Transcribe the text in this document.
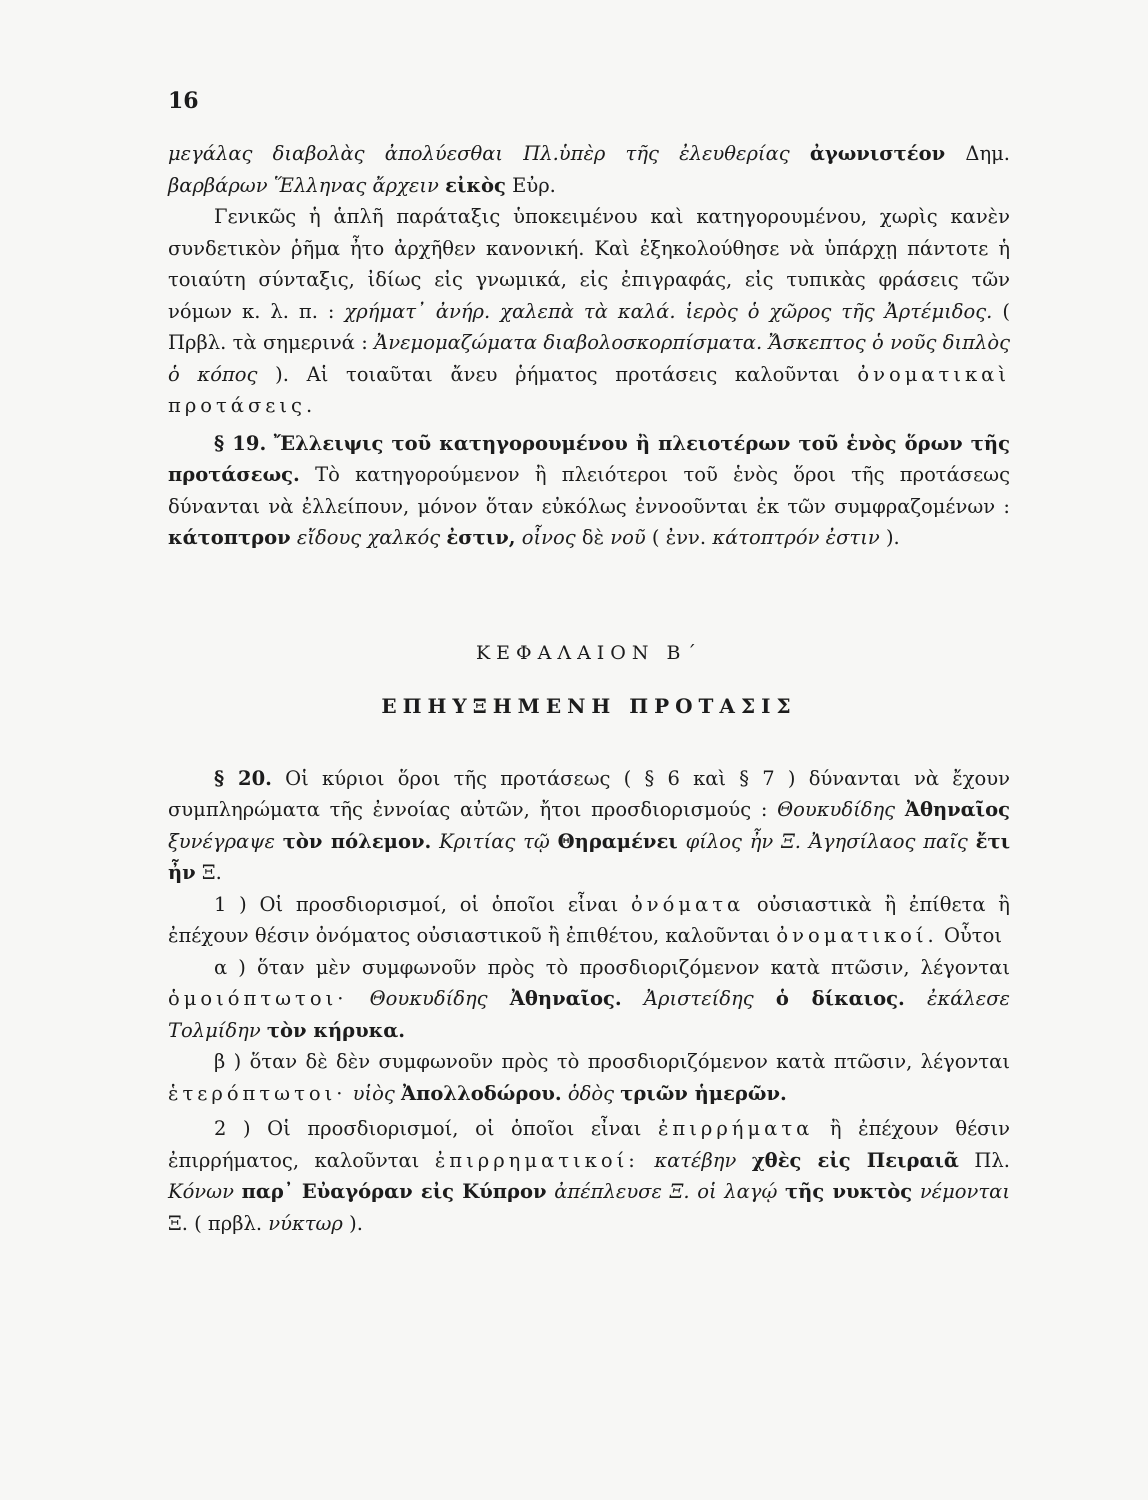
16

μεγάλας διαβολὰς ἀπολύεσθαι Πλ.ὑπὲρ τῆς ἐλευθερίας ἀγωνιστέον Δημ. βαρβάρων Ἕλληνας ἄρχειν εἰκὸς Εὐρ.

Γενικῶς ἡ ἁπλῆ παράταξις ὑποκειμένου καὶ κατηγορουμένου, χωρὶς κανὲν συνδετικὸν ῥῆμα ἦτο ἀρχῆθεν κανονική. Καὶ ἐξηκολούθησε νὰ ὑπάρχῃ πάντοτε ἡ τοιαύτη σύνταξις, ἰδίως εἰς γνωμικά, εἰς ἐπιγραφάς, εἰς τυπικὰς φράσεις τῶν νόμων κ. λ. π. : χρήματ᾽ ἀνήρ. χαλεπὰ τὰ καλά. ἱερὸς ὁ χῶρος τῆς Ἀρτέμιδος. ( Πρβλ. τὰ σημερινά : Ἀνεμομαζώματα διαβολοσκορπίσματα. Ἄσκεπτος ὁ νοῦς διπλὸς ὁ κόπος ). Αἱ τοιαῦται ἄνευ ῥήματος προτάσεις καλοῦνται ὀνοματικαὶ προτάσεις.

§ 19. Ἔλλειψις τοῦ κατηγορουμένου ἢ πλειοτέρων τοῦ ἑνὸς ὅρων τῆς προτάσεως. Τὸ κατηγορούμενον ἢ πλειότεροι τοῦ ἑνὸς ὅροι τῆς προτάσεως δύνανται νὰ ἐλλείπουν, μόνον ὅταν εὐκόλως ἐννοοῦνται ἐκ τῶν συμφραζομένων : κάτοπτρον εἴδους χαλκός ἐστιν, οἶνος δὲ νοῦ ( ἐνν. κάτοπτρόν ἐστιν ).

ΚΕΦΑΛΑΙΟΝ Β΄

ΕΠΗΥΞΗΜΕΝΗ ΠΡΟΤΑΣΙΣ

§ 20. Οἱ κύριοι ὅροι τῆς προτάσεως ( § 6 καὶ § 7 ) δύνανται νὰ ἔχουν συμπληρώματα τῆς ἐννοίας αὐτῶν, ἤτοι προσδιορισμούς : Θουκυδίδης Ἀθηναῖος ξυνέγραψε τὸν πόλεμον. Κριτίας τῷ Θηραμένει φίλος ἦν Ξ. Ἀγησίλαος παῖς ἔτι ἦν Ξ.

1 ) Οἱ προσδιορισμοί, οἱ ὁποῖοι εἶναι ὀνόματα οὐσιαστικὰ ἢ ἐπίθετα ἢ ἐπέχουν θέσιν ὀνόματος οὐσιαστικοῦ ἢ ἐπιθέτου, καλοῦνται ὀνοματικοί. Οὗτοι

α ) ὅταν μὲν συμφωνοῦν πρὸς τὸ προσδιοριζόμενον κατὰ πτῶσιν, λέγονται ὁμοιόπτωτοι· Θουκυδίδης Ἀθηναῖος. Ἀριστείδης ὁ δίκαιος. ἐκάλεσε Τολμίδην τὸν κήρυκα.

β ) ὅταν δὲ δὲν συμφωνοῦν πρὸς τὸ προσδιοριζόμενον κατὰ πτῶσιν, λέγονται ἑτερόπτωτοι· υἱὸς Ἀπολλοδώρου. ὁδὸς τριῶν ἡμερῶν.

2 ) Οἱ προσδιορισμοί, οἱ ὁποῖοι εἶναι ἐπιρρήματα ἢ ἐπέχουν θέσιν ἐπιρρήματος, καλοῦνται ἐπιρρηματικοί: κατέβην χθὲς εἰς Πειραιᾶ Πλ. Κόνων παρ᾽ Εὐαγόραν εἰς Κύπρον ἀπέπλευσε Ξ. οἱ λαγῴ τῆς νυκτὸς νέμονται Ξ. ( πρβλ. νύκτωρ ).
